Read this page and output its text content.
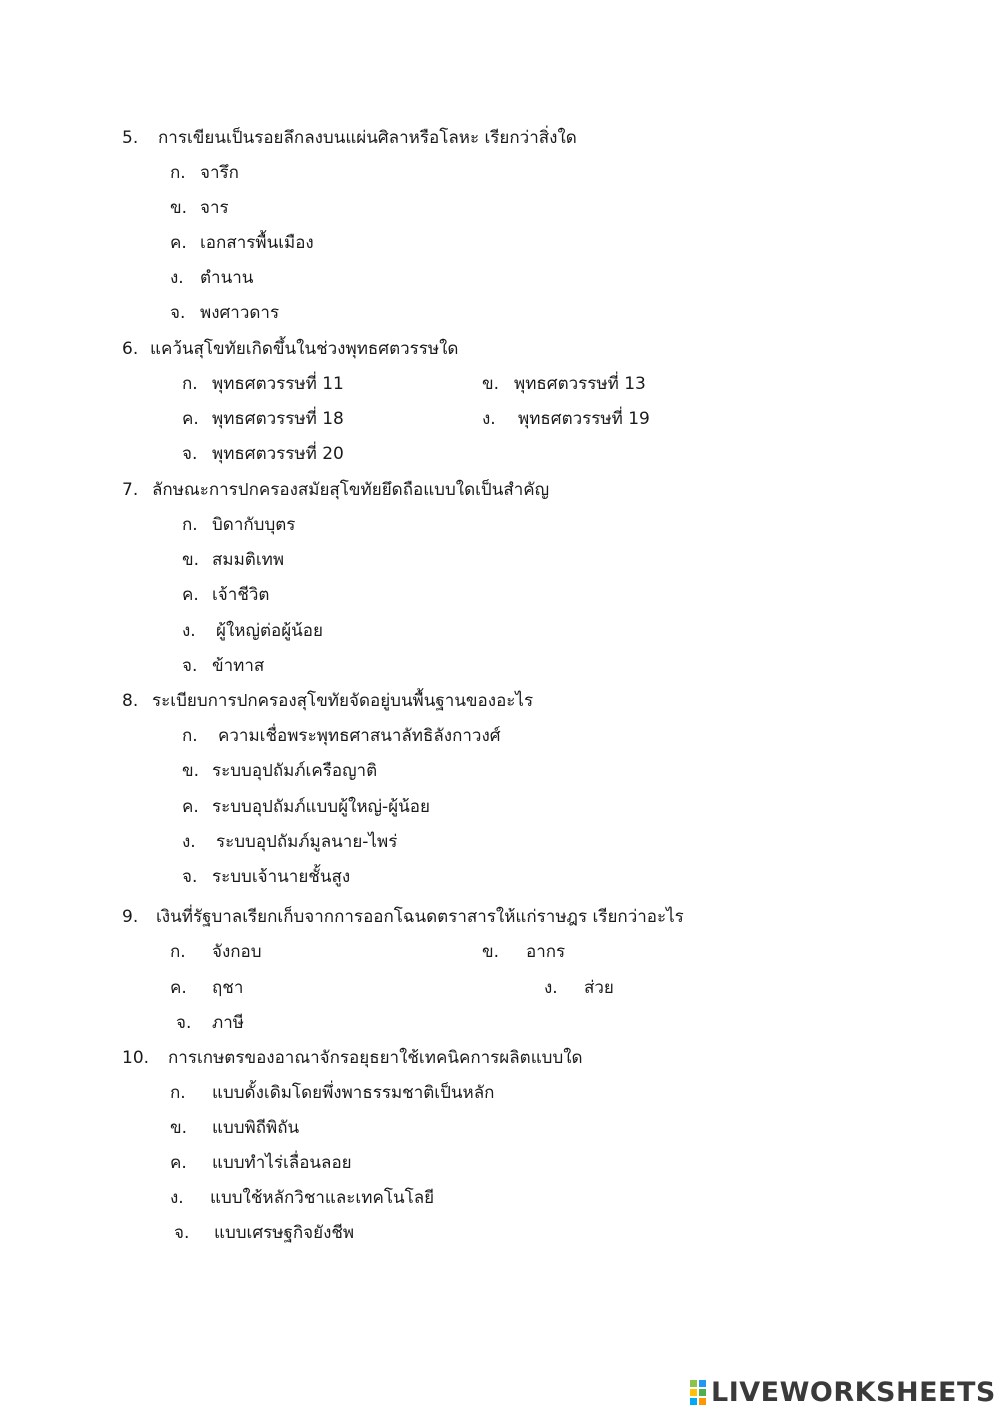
5. การเขียนเป็นรอยลึกลงบนแผ่นศิลาหรือโลหะ เรียกว่าสิ่งใด
ก. จารึก
ข. จาร
ค. เอกสารพื้นเมือง
ง. ตำนาน
จ. พงศาวดาร
6. แคว้นสุโขทัยเกิดขึ้นในช่วงพุทธศตวรรษใด
ก. พุทธศตวรรษที่ 11	ข. พุทธศตวรรษที่ 13
ค. พุทธศตวรรษที่ 18	ง. พุทธศตวรรษที่ 19
จ. พุทธศตวรรษที่ 20
7. ลักษณะการปกครองสมัยสุโขทัยยึดถือแบบใดเป็นสำคัญ
ก. บิดากับบุตร
ข. สมมติเทพ
ค. เจ้าชีวิต
ง. ผู้ใหญ่ต่อผู้น้อย
จ. ข้าทาส
8. ระเบียบการปกครองสุโขทัยจัดอยู่บนพื้นฐานของอะไร
ก. ความเชื่อพระพุทธศาสนาลัทธิลังกาวงศ์
ข. ระบบอุปถัมภ์เครือญาติ
ค. ระบบอุปถัมภ์แบบผู้ใหญ่-ผู้น้อย
ง. ระบบอุปถัมภ์มูลนาย-ไพร่
จ. ระบบเจ้านายชั้นสูง
9. เงินที่รัฐบาลเรียกเก็บจากการออกโฉนดตราสารให้แก่ราษฎร เรียกว่าอะไร
ก. จังกอบ	ข. อากร
ค. ฤชา	ง. ส่วย
จ. ภาษี
10. การเกษตรของอาณาจักรอยุธยาใช้เทคนิคการผลิตแบบใด
ก. แบบดั้งเดิมโดยพึ่งพาธรรมชาติเป็นหลัก
ข. แบบพิถีพิถัน
ค. แบบทำไร่เลื่อนลอย
ง. แบบใช้หลักวิชาและเทคโนโลยี
จ. แบบเศรษฐกิจยังชีพ
LIVEWORKSHEETS
